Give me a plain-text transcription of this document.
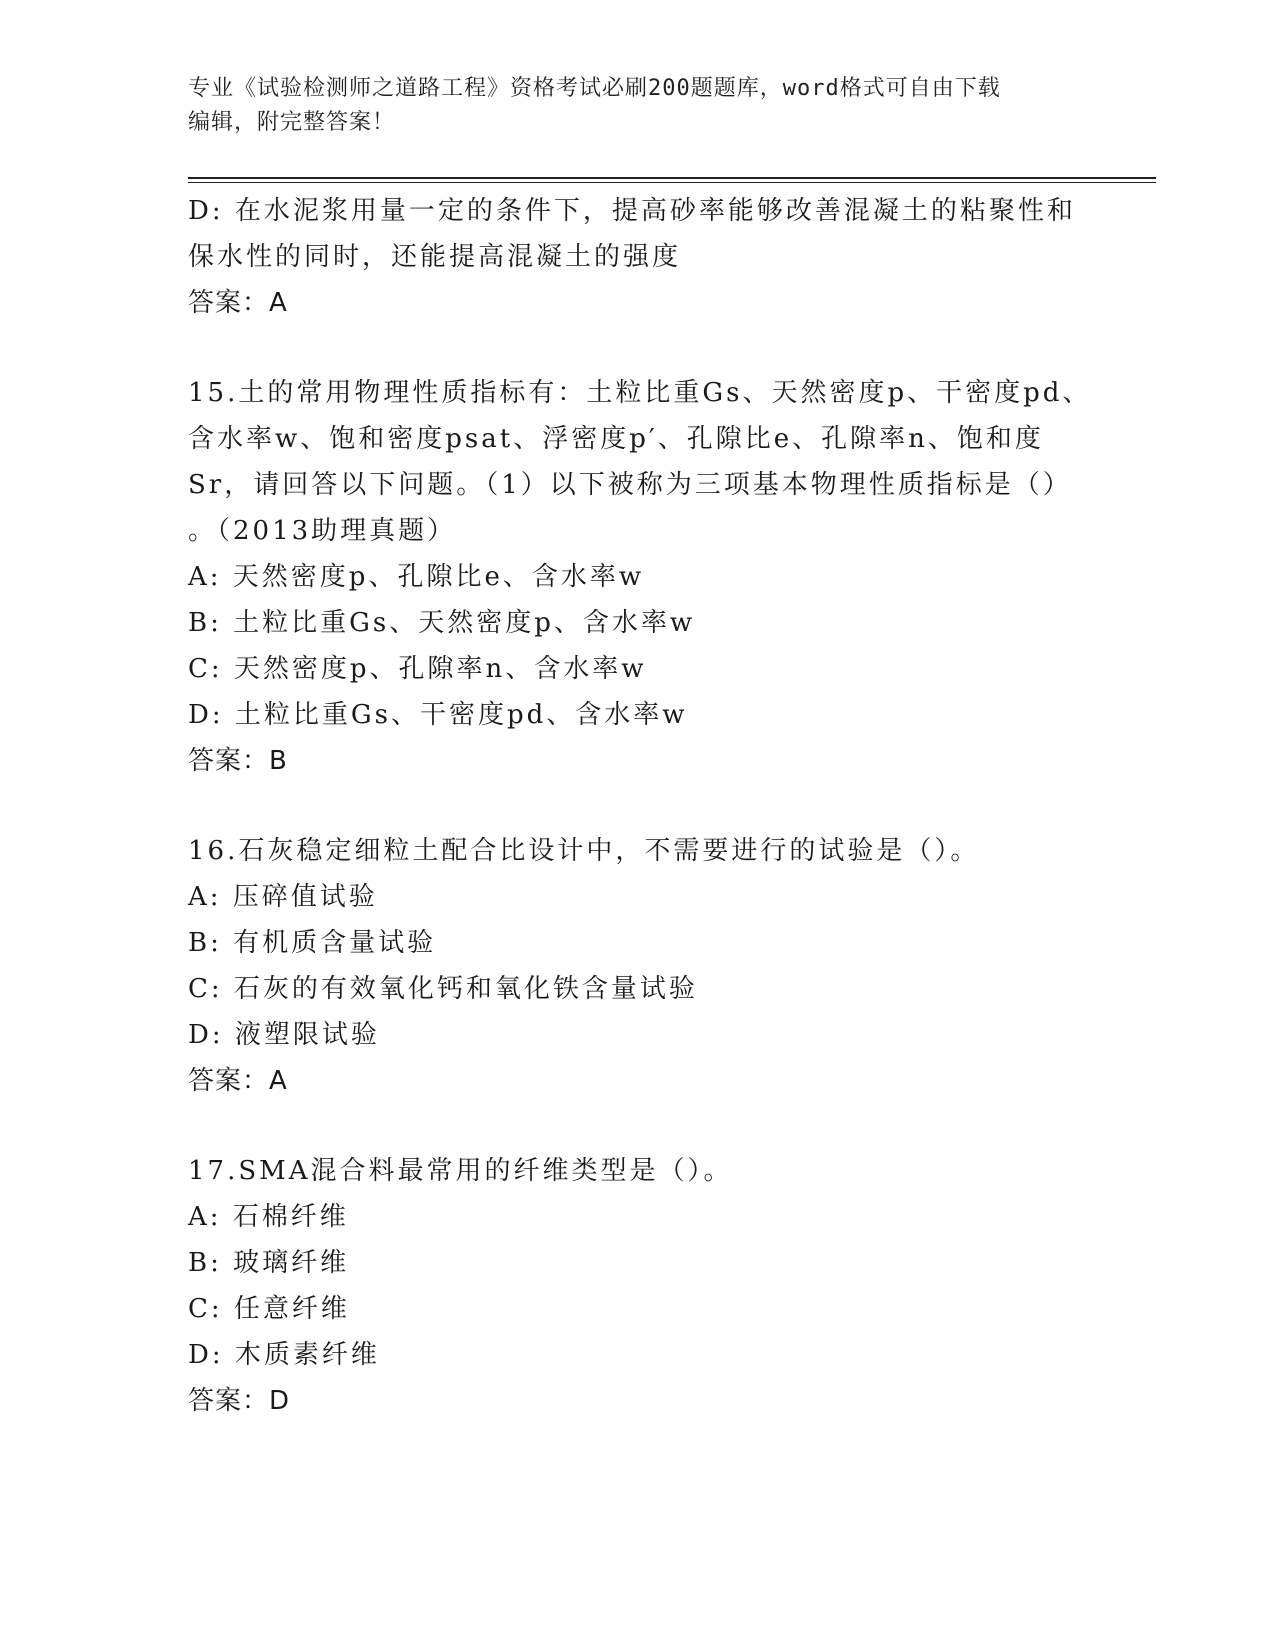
专业《试验检测师之道路工程》资格考试必刷200题题库，word格式可自由下载
编辑，附完整答案！
D: 在水泥浆用量一定的条件下，提高砂率能够改善混凝土的粘聚性和
保水性的同时，还能提高混凝土的强度
答案：A
15.土的常用物理性质指标有：土粒比重Gs、天然密度p、干密度pd、
含水率w、饱和密度psat、浮密度p′、孔隙比e、孔隙率n、饱和度
Sr，请回答以下问题。（1）以下被称为三项基本物理性质指标是（）
。（2013助理真题）
A: 天然密度p、孔隙比e、含水率w
B: 土粒比重Gs、天然密度p、含水率w
C: 天然密度p、孔隙率n、含水率w
D: 土粒比重Gs、干密度pd、含水率w
答案：B
16.石灰稳定细粒土配合比设计中，不需要进行的试验是（）。
A: 压碎值试验
B: 有机质含量试验
C: 石灰的有效氧化钙和氧化铁含量试验
D: 液塑限试验
答案：A
17.SMA混合料最常用的纤维类型是（）。
A: 石棉纤维
B: 玻璃纤维
C: 任意纤维
D: 木质素纤维
答案：D
